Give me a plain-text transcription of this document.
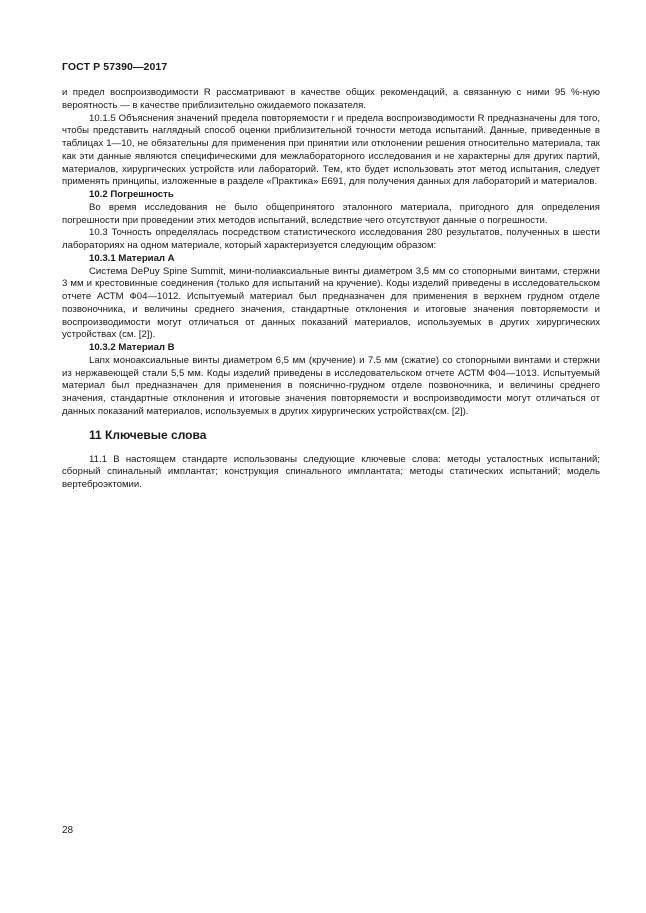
ГОСТ Р 57390—2017

и предел воспроизводимости R рассматривают в качестве общих рекомендаций, а связанную с ними 95 %-ную вероятность — в качестве приблизительно ожидаемого показателя.

10.1.5 Объяснения значений предела повторяемости r и предела воспроизводимости R предназначены для того, чтобы представить наглядный способ оценки приблизительной точности метода испытаний. Данные, приведенные в таблицах 1—10, не обязательны для применения при принятии или отклонении решения относительно материала, так как эти данные являются специфическими для межлабораторного исследования и не характерны для других партий, материалов, хирургических устройств или лабораторий. Тем, кто будет использовать этот метод испытания, следует применять принципы, изложенные в разделе «Практика» E691, для получения данных для лабораторий и материалов.

10.2 Погрешность

Во время исследования не было общепринятого эталонного материала, пригодного для определения погрешности при проведении этих методов испытаний, вследствие чего отсутствуют данные о погрешности.

10.3 Точность определялась посредством статистического исследования 280 результатов, полученных в шести лабораториях на одном материале, который характеризуется следующим образом:

10.3.1 Материал A

Система DePuy Spine Summit, мини-полиаксиальные винты диаметром 3,5 мм со стопорными винтами, стержни 3 мм и крестовинные соединения (только для испытаний на кручение). Коды изделий приведены в исследовательском отчете АСТМ Ф04—1012. Испытуемый материал был предназначен для применения в верхнем грудном отделе позвоночника, и величины среднего значения, стандартные отклонения и итоговые значения повторяемости и воспроизводимости могут отличаться от данных показаний материалов, используемых в других хирургических устройствах (см. [2]).

10.3.2 Материал B

Lanx моноаксиальные винты диаметром 6,5 мм (кручение) и 7.5 мм (сжатие) со стопорными винтами и стержни из нержавеющей стали 5,5 мм. Коды изделий приведены в исследовательском отчете АСТМ Ф04—1013. Испытуемый материал был предназначен для применения в пояснично-грудном отделе позвоночника, и величины среднего значения, стандартные отклонения и итоговые значения повторяемости и воспроизводимости могут отличаться от данных показаний материалов, используемых в других хирургических устройствах(см. [2]).

11 Ключевые слова

11.1 В настоящем стандарте использованы следующие ключевые слова: методы усталостных испытаний; сборный спинальный имплантат; конструкция спинального имплантата; методы статических испытаний; модель вертеброэктомии.

28
